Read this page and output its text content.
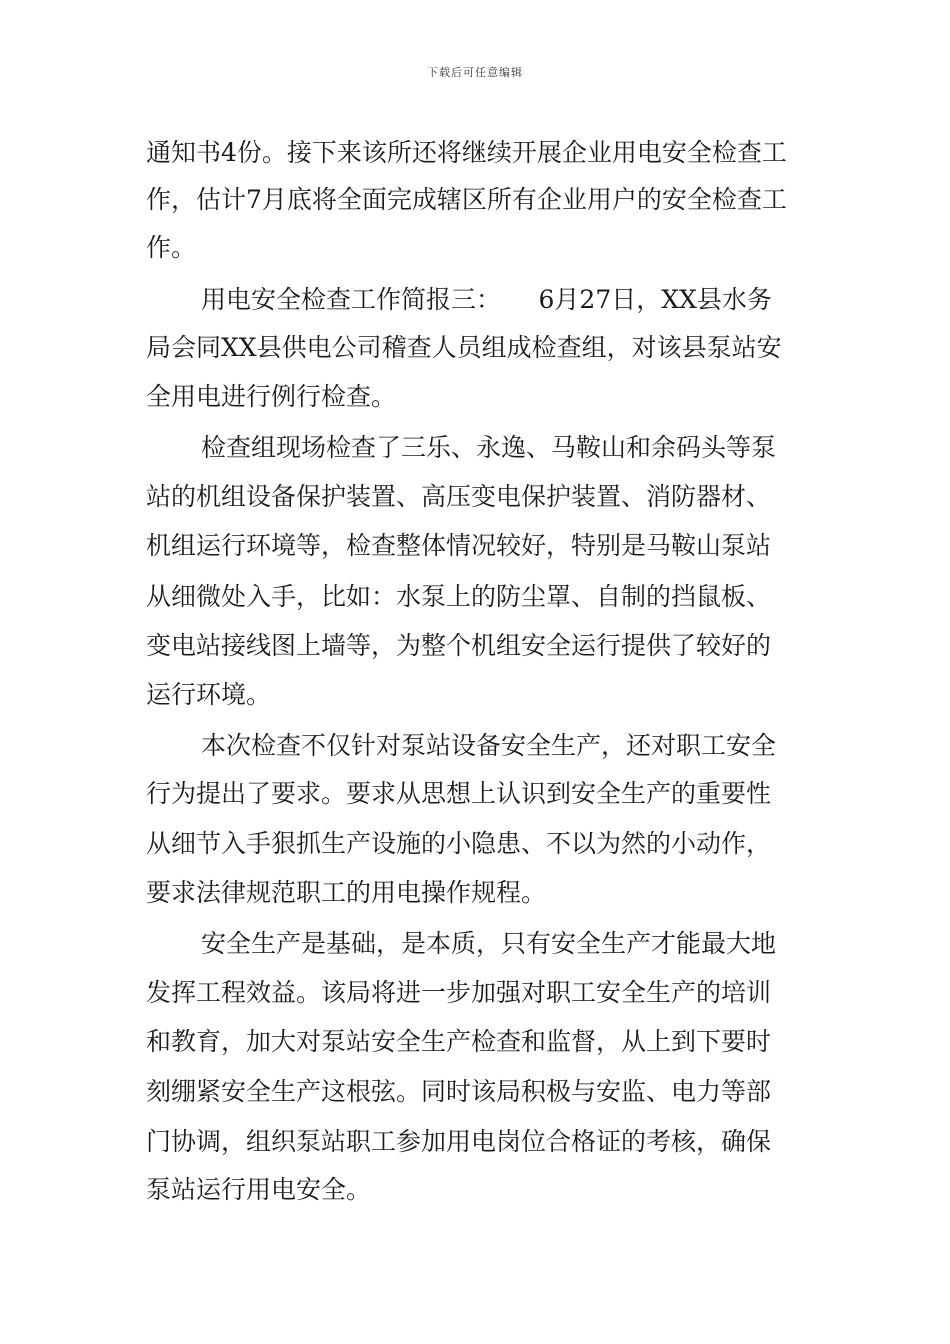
下载后可任意编辑
通知书4份。接下来该所还将继续开展企业用电安全检查工
作，估计7月底将全面完成辖区所有企业用户的安全检查工
作。
用电安全检查工作简报三：　　6月27日，XX县水务
局会同XX县供电公司稽查人员组成检查组，对该县泵站安
全用电进行例行检查。
检查组现场检查了三乐、永逸、马鞍山和余码头等泵
站的机组设备保护装置、高压变电保护装置、消防器材、
机组运行环境等，检查整体情况较好，特别是马鞍山泵站
从细微处入手，比如：水泵上的防尘罩、自制的挡鼠板、
变电站接线图上墙等，为整个机组安全运行提供了较好的
运行环境。
本次检查不仅针对泵站设备安全生产，还对职工安全
行为提出了要求。要求从思想上认识到安全生产的重要性
从细节入手狠抓生产设施的小隐患、不以为然的小动作，
要求法律规范职工的用电操作规程。
安全生产是基础，是本质，只有安全生产才能最大地
发挥工程效益。该局将进一步加强对职工安全生产的培训
和教育，加大对泵站安全生产检查和监督，从上到下要时
刻绷紧安全生产这根弦。同时该局积极与安监、电力等部
门协调，组织泵站职工参加用电岗位合格证的考核，确保
泵站运行用电安全。
